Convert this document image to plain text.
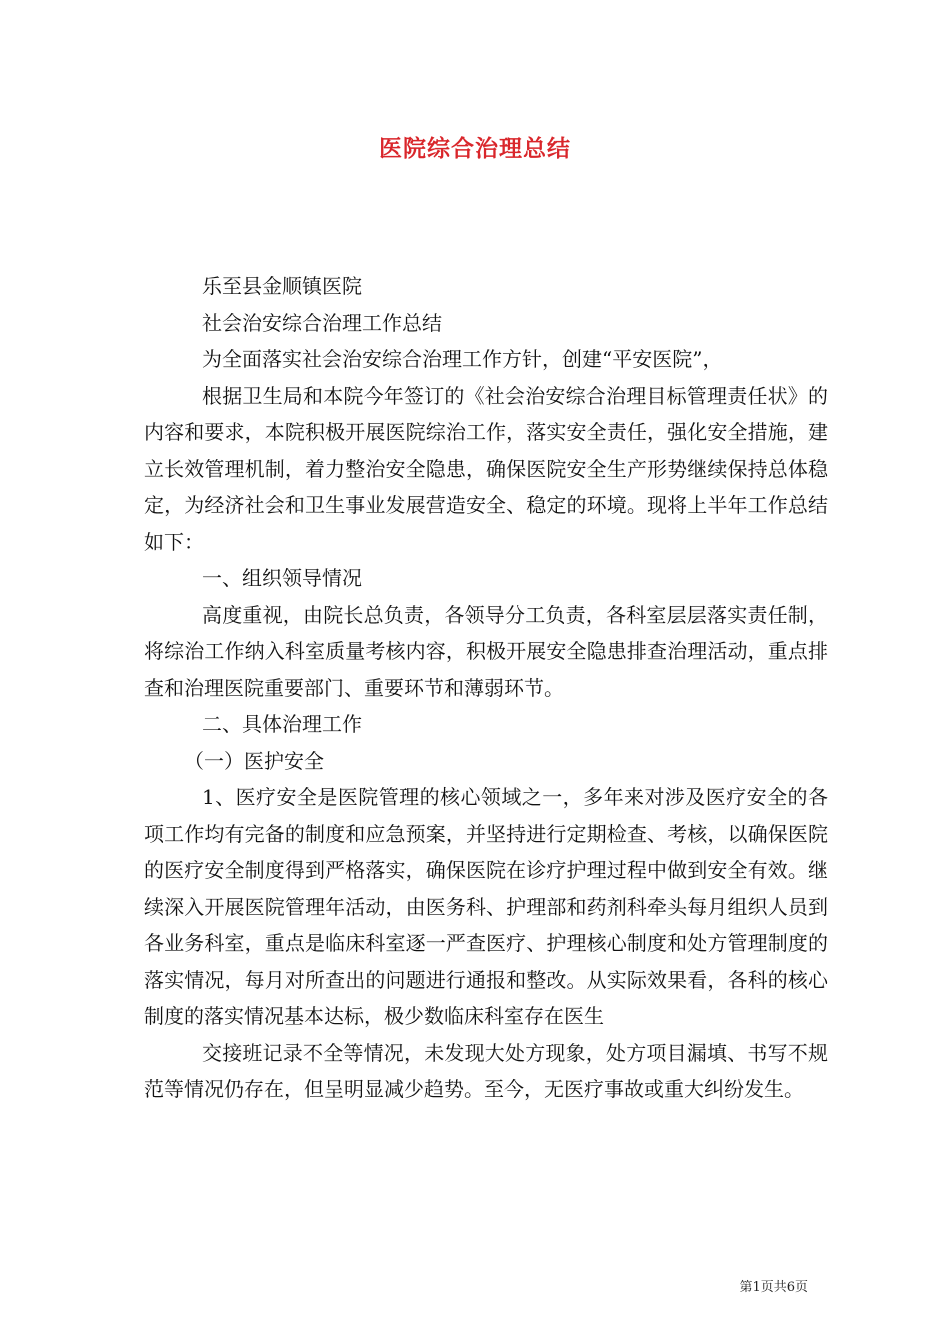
医院综合治理总结

乐至县金顺镇医院

社会治安综合治理工作总结

为全面落实社会治安综合治理工作方针，创建“平安医院”，

根据卫生局和本院今年签订的《社会治安综合治理目标管理责任状》的内容和要求，本院积极开展医院综治工作，落实安全责任，强化安全措施，建立长效管理机制，着力整治安全隐患，确保医院安全生产形势继续保持总体稳定，为经济社会和卫生事业发展营造安全、稳定的环境。现将上半年工作总结如下：

一、组织领导情况

高度重视，由院长总负责，各领导分工负责，各科室层层落实责任制，将综治工作纳入科室质量考核内容，积极开展安全隐患排查治理活动，重点排查和治理医院重要部门、重要环节和薄弱环节。

二、具体治理工作

（一）医护安全

1、医疗安全是医院管理的核心领域之一，多年来对涉及医疗安全的各项工作均有完备的制度和应急预案，并坚持进行定期检查、考核，以确保医院的医疗安全制度得到严格落实，确保医院在诊疗护理过程中做到安全有效。继续深入开展医院管理年活动，由医务科、护理部和药剂科牵头每月组织人员到各业务科室，重点是临床科室逐一严查医疗、护理核心制度和处方管理制度的落实情况，每月对所查出的问题进行通报和整改。从实际效果看，各科的核心制度的落实情况基本达标，极少数临床科室存在医生

交接班记录不全等情况，未发现大处方现象，处方项目漏填、书写不规范等情况仍存在，但呈明显减少趋势。至今，无医疗事故或重大纠纷发生。

第1页共6页
